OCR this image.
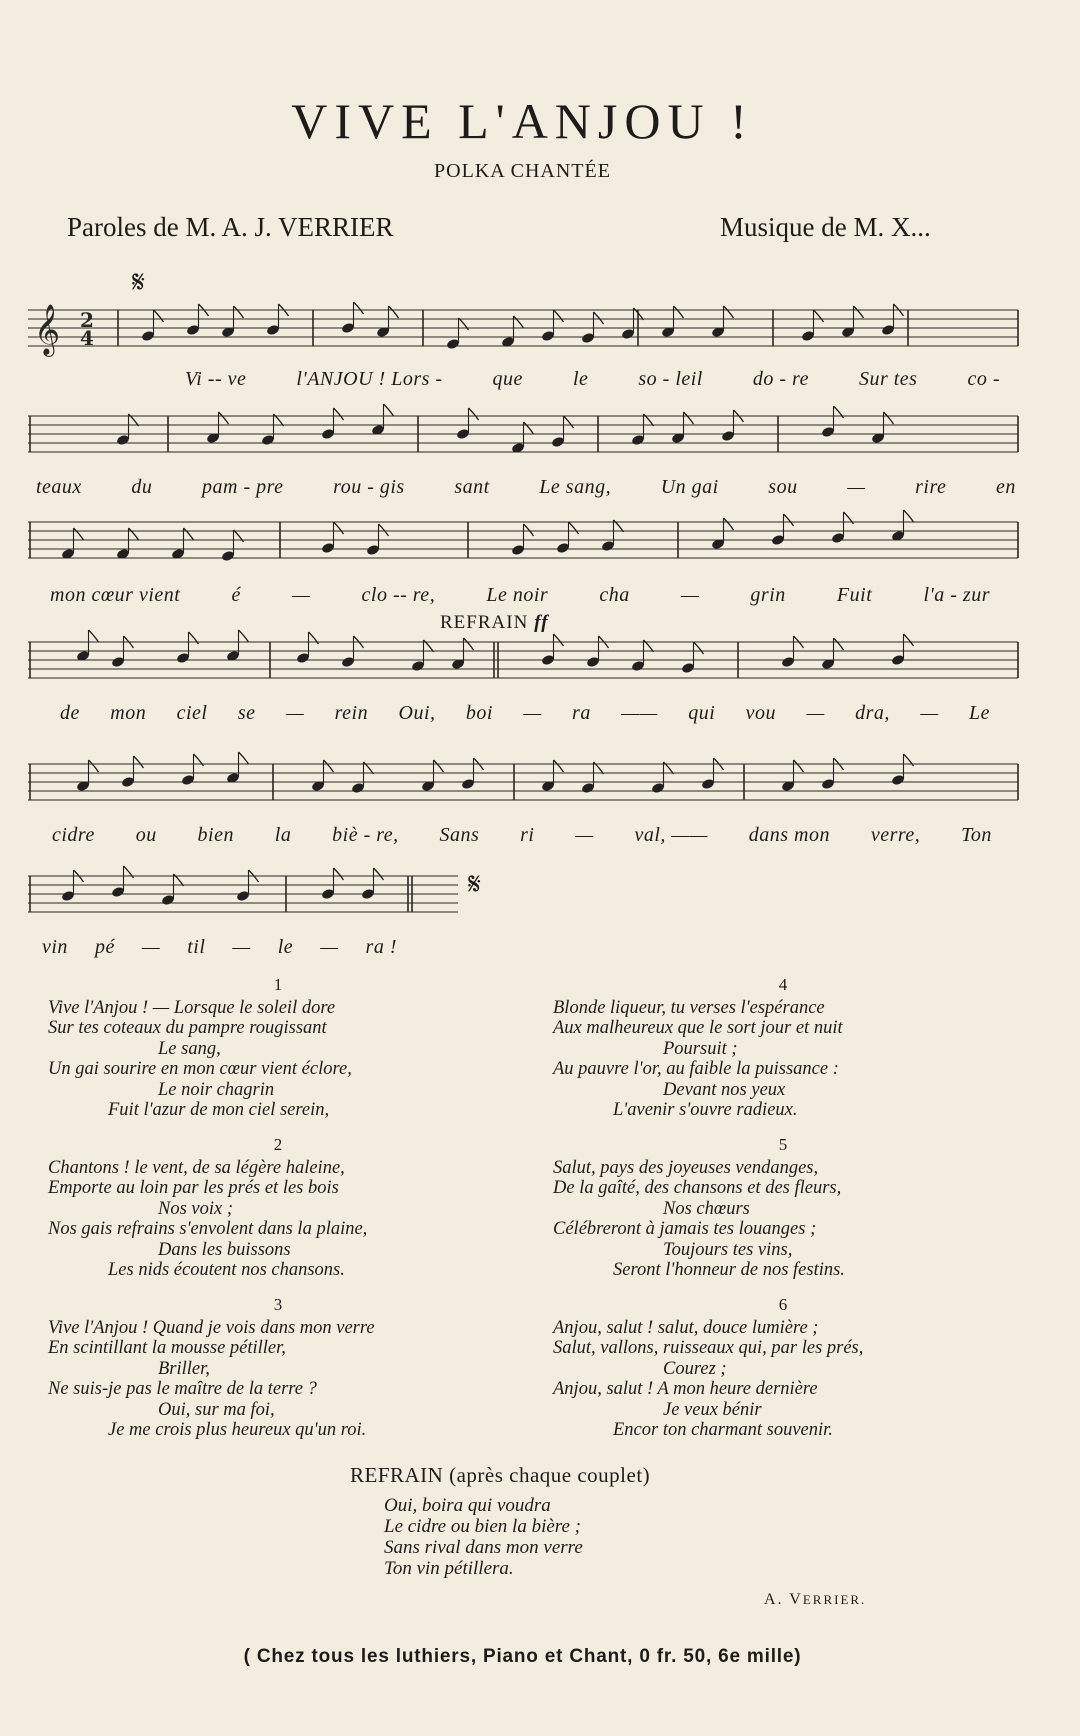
VIVE L'ANJOU !
POLKA CHANTÉE
Paroles de M. A. J. VERRIER	Musique de M. X...
𝄋
𝄞 2
4
Vi -- ve	l'ANJOU ! Lors -	que	le	so - leil	do - re	Sur tes	co -
teaux du pam - pre rou - gis sant Le sang, Un gai sou — rire en
mon cœur vient	é	—	clo -- re,	Le noir	cha	—	grin	Fuit	l'a - zur
REFRAIN ff
de mon ciel se — rein Oui, boi — ra —— qui vou — dra, — Le
cidre ou bien la biè - re, Sans ri — val, —— dans mon verre, Ton
𝄋
vin pé — til — le — ra !
1
Vive l'Anjou ! — Lorsque le soleil dore
Sur tes coteaux du pampre rougissant
Le sang,
Un gai sourire en mon cœur vient éclore,
Le noir chagrin
Fuit l'azur de mon ciel serein,
2
Chantons ! le vent, de sa légère haleine,
Emporte au loin par les prés et les bois
Nos voix ;
Nos gais refrains s'envolent dans la plaine,
Dans les buissons
Les nids écoutent nos chansons.
3
Vive l'Anjou ! Quand je vois dans mon verre
En scintillant la mousse pétiller,
Briller,
Ne suis-je pas le maître de la terre ?
Oui, sur ma foi,
Je me crois plus heureux qu'un roi.
4
Blonde liqueur, tu verses l'espérance
Aux malheureux que le sort jour et nuit
Poursuit ;
Au pauvre l'or, au faible la puissance :
Devant nos yeux
L'avenir s'ouvre radieux.
5
Salut, pays des joyeuses vendanges,
De la gaîté, des chansons et des fleurs,
Nos chœurs
Célébreront à jamais tes louanges ;
Toujours tes vins,
Seront l'honneur de nos festins.
6
Anjou, salut ! salut, douce lumière ;
Salut, vallons, ruisseaux qui, par les prés,
Courez ;
Anjou, salut ! A mon heure dernière
Je veux bénir
Encor ton charmant souvenir.
REFRAIN (après chaque couplet)
Oui, boira qui voudra
Le cidre ou bien la bière ;
Sans rival dans mon verre
Ton vin pétillera.
A. VERRIER.
( Chez tous les luthiers, Piano et Chant, 0 fr. 50, 6e mille)
